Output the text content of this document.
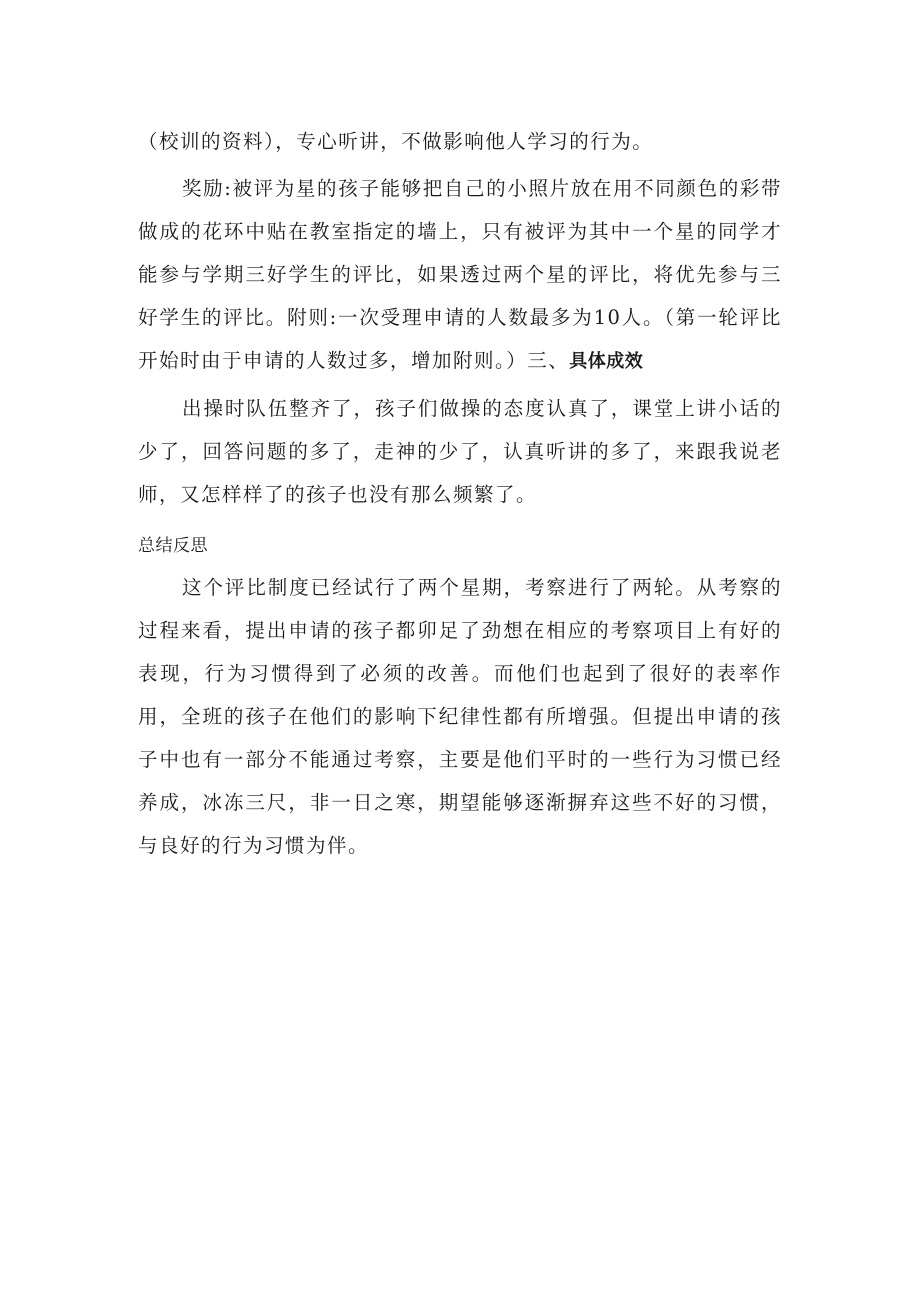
（校训的资料），专心听讲，不做影响他人学习的行为。

奖励:被评为星的孩子能够把自己的小照片放在用不同颜色的彩带做成的花环中贴在教室指定的墙上，只有被评为其中一个星的同学才能参与学期三好学生的评比，如果透过两个星的评比，将优先参与三好学生的评比。附则:一次受理申请的人数最多为10人。（第一轮评比开始时由于申请的人数过多，增加附则。）三、具体成效

出操时队伍整齐了，孩子们做操的态度认真了，课堂上讲小话的少了，回答问题的多了，走神的少了，认真听讲的多了，来跟我说老师，又怎样样了的孩子也没有那么频繁了。

总结反思

这个评比制度已经试行了两个星期，考察进行了两轮。从考察的过程来看，提出申请的孩子都卯足了劲想在相应的考察项目上有好的表现，行为习惯得到了必须的改善。而他们也起到了很好的表率作用，全班的孩子在他们的影响下纪律性都有所增强。但提出申请的孩子中也有一部分不能通过考察，主要是他们平时的一些行为习惯已经养成，冰冻三尺，非一日之寒，期望能够逐渐摒弃这些不好的习惯，与良好的行为习惯为伴。
